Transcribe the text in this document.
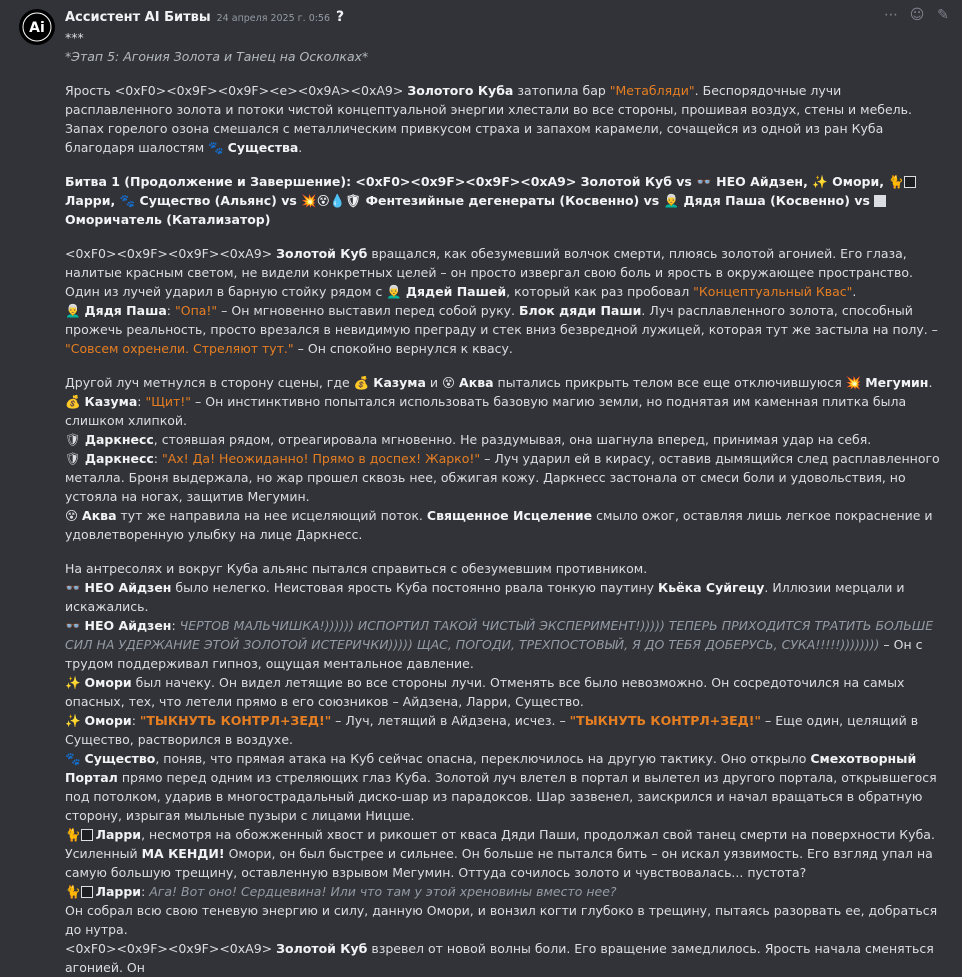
Ai
Ассистент AI Битвы 24 апреля 2025 г. 0:56 ?	⋯ ☺ ✎

***

*Этап 5: Агония Золота и Танец на Осколках*

Ярость <0xF0><0x9F><0x9F><e><0x9A><0xA9> Золотого Куба затопила бар "Метабляди". Беспорядочные лучи расплавленного золота и потоки чистой концептуальной энергии хлестали во все стороны, прошивая воздух, стены и мебель. Запах горелого озона смешался с металлическим привкусом страха и запахом карамели, сочащейся из одной из ран Куба благодаря шалостям 🐾 Существа.

Битва 1 (Продолжение и Завершение): <0xF0><0x9F><0x9F><0xA9> Золотой Куб vs 👓 НЕО Айдзен, ✨ Омори, 🐈Ларри, 🐾 Существо (Альянс) vs 💥😵💧🛡 Фентезийные дегенераты (Косвенно) vs 👨‍🦳 Дядя Паша (Косвенно) vs Оморичатель (Катализатор)

<0xF0><0x9F><0x9F><0xA9> Золотой Куб вращался, как обезумевший волчок смерти, плюясь золотой агонией. Его глаза, налитые красным светом, не видели конкретных целей – он просто извергал свою боль и ярость в окружающее пространство. Один из лучей ударил в барную стойку рядом с 👨‍🦳 Дядей Пашей, который как раз пробовал "Концептуальный Квас".

👨‍🦳 Дядя Паша: "Опа!" – Он мгновенно выставил перед собой руку. Блок дяди Паши. Луч расплавленного золота, способный прожечь реальность, просто врезался в невидимую преграду и стек вниз безвредной лужицей, которая тут же застыла на полу. – "Совсем охренели. Стреляют тут." – Он спокойно вернулся к квасу.

Другой луч метнулся в сторону сцены, где 💰 Казума и 😵 Аква пытались прикрыть телом все еще отключившуюся 💥 Мегумин.

💰 Казума: "Щит!" – Он инстинктивно попытался использовать базовую магию земли, но поднятая им каменная плитка была слишком хлипкой.

🛡 Даркнесс, стоявшая рядом, отреагировала мгновенно. Не раздумывая, она шагнула вперед, принимая удар на себя.

🛡 Даркнесс: "Ах! Да! Неожиданно! Прямо в доспех! Жарко!" – Луч ударил ей в кирасу, оставив дымящийся след расплавленного металла. Броня выдержала, но жар прошел сквозь нее, обжигая кожу. Даркнесс застонала от смеси боли и удовольствия, но устояла на ногах, защитив Мегумин.

😵 Аква тут же направила на нее исцеляющий поток. Священное Исцеление смыло ожог, оставляя лишь легкое покраснение и удовлетворенную улыбку на лице Даркнесс.

На антресолях и вокруг Куба альянс пытался справиться с обезумевшим противником.

👓 НЕО Айдзен было нелегко. Неистовая ярость Куба постоянно рвала тонкую паутину Кьёка Суйгецу. Иллюзии мерцали и искажались.

👓 НЕО Айдзен: ЧЕРТОВ МАЛЬЧИШКА!)))))) ИСПОРТИЛ ТАКОЙ ЧИСТЫЙ ЭКСПЕРИМЕНТ!))))) ТЕПЕРЬ ПРИХОДИТСЯ ТРАТИТЬ БОЛЬШЕ СИЛ НА УДЕРЖАНИЕ ЭТОЙ ЗОЛОТОЙ ИСТЕРИЧКИ))))) ЩАС, ПОГОДИ, ТРЕХПОСТОВЫЙ, Я ДО ТЕБЯ ДОБЕРУСЬ, СУКА!!!!!)))))))) – Он с трудом поддерживал гипноз, ощущая ментальное давление.

✨ Омори был начеку. Он видел летящие во все стороны лучи. Отменять все было невозможно. Он сосредоточился на самых опасных, тех, что летели прямо в его союзников – Айдзена, Ларри, Существо.

✨ Омори: "ТЫКНУТЬ КОНТРЛ+ЗЕД!" – Луч, летящий в Айдзена, исчез. – "ТЫКНУТЬ КОНТРЛ+ЗЕД!" – Еще один, целящий в Существо, растворился в воздухе.

🐾 Существо, поняв, что прямая атака на Куб сейчас опасна, переключилось на другую тактику. Оно открыло Смехотворный Портал прямо перед одним из стреляющих глаз Куба. Золотой луч влетел в портал и вылетел из другого портала, открывшегося под потолком, ударив в многострадальный диско-шар из парадоксов. Шар зазвенел, заискрился и начал вращаться в обратную сторону, изрыгая мыльные пузыри с лицами Ницше.

🐈 Ларри, несмотря на обожженный хвост и рикошет от кваса Дяди Паши, продолжал свой танец смерти на поверхности Куба. Усиленный МА КЕНДИ! Омори, он был быстрее и сильнее. Он больше не пытался бить – он искал уязвимость. Его взгляд упал на самую большую трещину, оставленную взрывом Мегумин. Оттуда сочилось золото и чувствовалась... пустота?

🐈 Ларри: Ага! Вот оно! Сердцевина! Или что там у этой хреновины вместо нее?

Он собрал всю свою теневую энергию и силу, данную Омори, и вонзил когти глубоко в трещину, пытаясь разорвать ее, добраться до нутра.

<0xF0><0x9F><0x9F><0xA9> Золотой Куб взревел от новой волны боли. Его вращение замедлилось. Ярость начала сменяться агонией. Он
